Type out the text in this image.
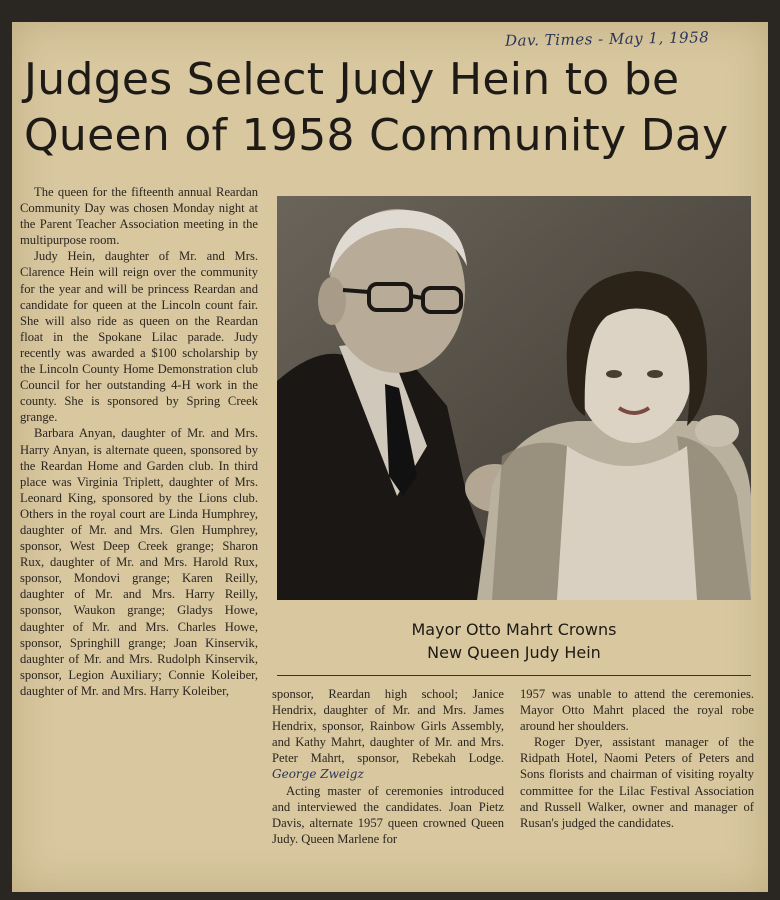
Dav. Times - May 1, 1958
Judges Select Judy Hein to be
Queen of 1958 Community Day

The queen for the fifteenth annual Reardan Community Day was chosen Monday night at the Parent Teacher Association meeting in the multipurpose room.

Judy Hein, daughter of Mr. and Mrs. Clarence Hein will reign over the community for the year and will be princess Reardan and candidate for queen at the Lincoln count fair. She will also ride as queen on the Reardan float in the Spokane Lilac parade. Judy recently was awarded a $100 scholarship by the Lincoln County Home Demonstration club Council for her outstanding 4-H work in the county. She is sponsored by Spring Creek grange.

Barbara Anyan, daughter of Mr. and Mrs. Harry Anyan, is alternate queen, sponsored by the Reardan Home and Garden club. In third place was Virginia Triplett, daughter of Mrs. Leonard King, sponsored by the Lions club. Others in the royal court are Linda Humphrey, daughter of Mr. and Mrs. Glen Humphrey, sponsor, West Deep Creek grange; Sharon Rux, daughter of Mr. and Mrs. Harold Rux, sponsor, Mondovi grange; Karen Reilly, daughter of Mr. and Mrs. Harry Reilly, sponsor, Waukon grange; Gladys Howe, daughter of Mr. and Mrs. Charles Howe, sponsor, Springhill grange; Joan Kinservik, daughter of Mr. and Mrs. Rudolph Kinservik, sponsor, Legion Auxiliary; Connie Koleiber, daughter of Mr. and Mrs. Harry Koleiber,

Mayor Otto Mahrt Crowns
New Queen Judy Hein

sponsor, Reardan high school; Janice Hendrix, daughter of Mr. and Mrs. James Hendrix, sponsor, Rainbow Girls Assembly, and Kathy Mahrt, daughter of Mr. and Mrs. Peter Mahrt, sponsor, Rebekah Lodge. George Zweigz

Acting master of ceremonies introduced and interviewed the candidates. Joan Pietz Davis, alternate 1957 queen crowned Queen Judy. Queen Marlene for

1957 was unable to attend the ceremonies. Mayor Otto Mahrt placed the royal robe around her shoulders.

Roger Dyer, assistant manager of the Ridpath Hotel, Naomi Peters of Peters and Sons florists and chairman of visiting royalty committee for the Lilac Festival Association and Russell Walker, owner and manager of Rusan's judged the candidates.
